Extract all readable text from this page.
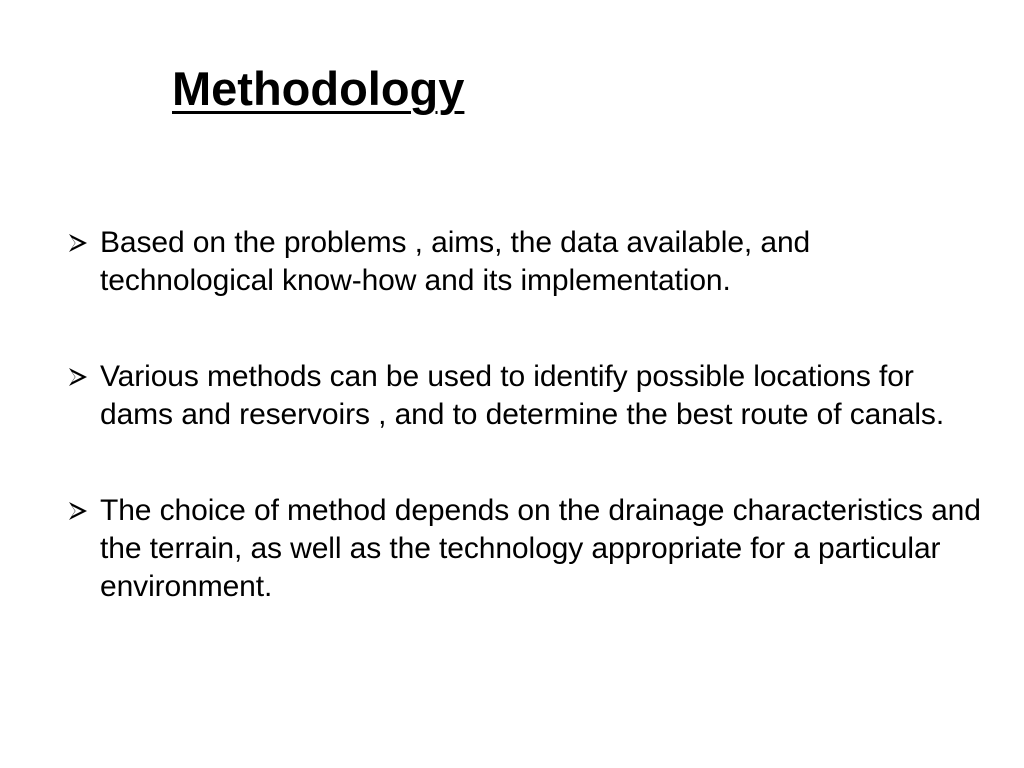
Methodology
Based on the problems , aims, the data available, and technological know-how and its implementation.
Various methods can be used to identify possible locations for dams and reservoirs , and to determine the best route of canals.
The choice of method depends on the drainage characteristics and the terrain, as well as the technology appropriate for a particular environment.
